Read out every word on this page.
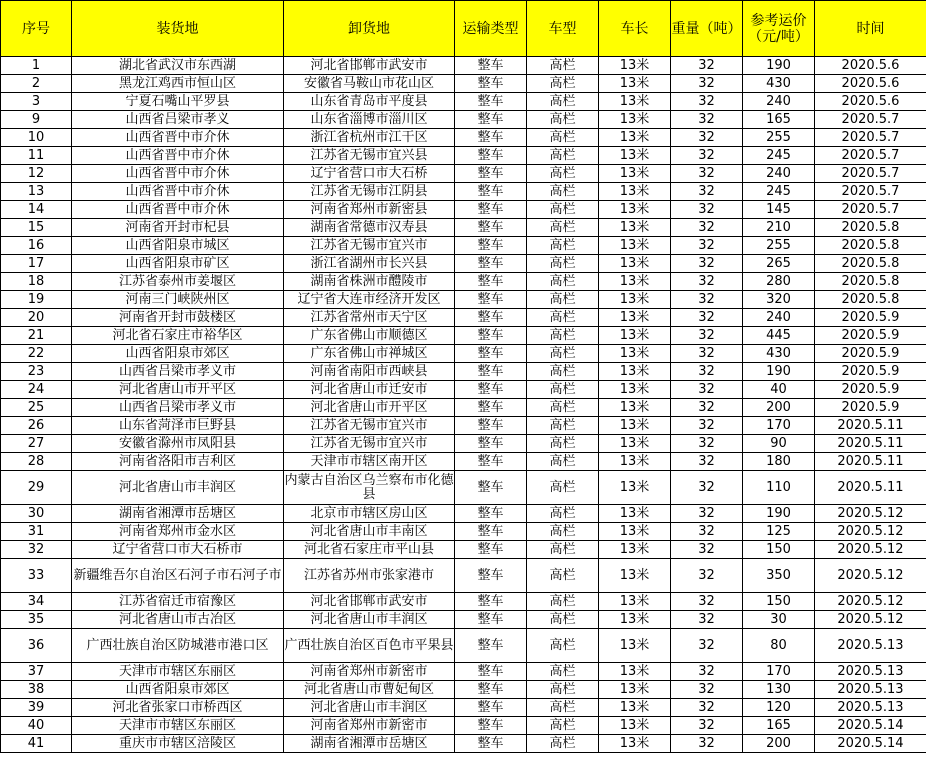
序号	装货地	卸货地	运输类型	车型	车长	重量（吨）	参考运价（元/吨）	时间
1	湖北省武汉市东西湖	河北省邯郸市武安市	整车	高栏	13米	32	190	2020.5.6
2	黑龙江鸡西市恒山区	安徽省马鞍山市花山区	整车	高栏	13米	32	430	2020.5.6
3	宁夏石嘴山平罗县	山东省青岛市平度县	整车	高栏	13米	32	240	2020.5.6
9	山西省吕梁市孝义	山东省淄博市淄川区	整车	高栏	13米	32	165	2020.5.7
10	山西省晋中市介休	浙江省杭州市江干区	整车	高栏	13米	32	255	2020.5.7
11	山西省晋中市介休	江苏省无锡市宜兴县	整车	高栏	13米	32	245	2020.5.7
12	山西省晋中市介休	辽宁省营口市大石桥	整车	高栏	13米	32	240	2020.5.7
13	山西省晋中市介休	江苏省无锡市江阴县	整车	高栏	13米	32	245	2020.5.7
14	山西省晋中市介休	河南省郑州市新密县	整车	高栏	13米	32	145	2020.5.7
15	河南省开封市杞县	湖南省常德市汉寿县	整车	高栏	13米	32	210	2020.5.8
16	山西省阳泉市城区	江苏省无锡市宜兴市	整车	高栏	13米	32	255	2020.5.8
17	山西省阳泉市矿区	浙江省湖州市长兴县	整车	高栏	13米	32	265	2020.5.8
18	江苏省泰州市姜堰区	湖南省株洲市醴陵市	整车	高栏	13米	32	280	2020.5.8
19	河南三门峡陕州区	辽宁省大连市经济开发区	整车	高栏	13米	32	320	2020.5.8
20	河南省开封市鼓楼区	江苏省常州市天宁区	整车	高栏	13米	32	240	2020.5.9
21	河北省石家庄市裕华区	广东省佛山市顺德区	整车	高栏	13米	32	445	2020.5.9
22	山西省阳泉市郊区	广东省佛山市禅城区	整车	高栏	13米	32	430	2020.5.9
23	山西省吕梁市孝义市	河南省南阳市西峡县	整车	高栏	13米	32	190	2020.5.9
24	河北省唐山市开平区	河北省唐山市迁安市	整车	高栏	13米	32	40	2020.5.9
25	山西省吕梁市孝义市	河北省唐山市开平区	整车	高栏	13米	32	200	2020.5.9
26	山东省菏泽市巨野县	江苏省无锡市宜兴市	整车	高栏	13米	32	170	2020.5.11
27	安徽省滁州市凤阳县	江苏省无锡市宜兴市	整车	高栏	13米	32	90	2020.5.11
28	河南省洛阳市吉利区	天津市市辖区南开区	整车	高栏	13米	32	180	2020.5.11
29	河北省唐山市丰润区	内蒙古自治区乌兰察布市化德县	整车	高栏	13米	32	110	2020.5.11
30	湖南省湘潭市岳塘区	北京市市辖区房山区	整车	高栏	13米	32	190	2020.5.12
31	河南省郑州市金水区	河北省唐山市丰南区	整车	高栏	13米	32	125	2020.5.12
32	辽宁省营口市大石桥市	河北省石家庄市平山县	整车	高栏	13米	32	150	2020.5.12
33	新疆维吾尔自治区石河子市石河子市	江苏省苏州市张家港市	整车	高栏	13米	32	350	2020.5.12
34	江苏省宿迁市宿豫区	河北省邯郸市武安市	整车	高栏	13米	32	150	2020.5.12
35	河北省唐山市古冶区	河北省唐山市丰润区	整车	高栏	13米	32	30	2020.5.12
36	广西壮族自治区防城港市港口区	广西壮族自治区百色市平果县	整车	高栏	13米	32	80	2020.5.13
37	天津市市辖区东丽区	河南省郑州市新密市	整车	高栏	13米	32	170	2020.5.13
38	山西省阳泉市郊区	河北省唐山市曹妃甸区	整车	高栏	13米	32	130	2020.5.13
39	河北省张家口市桥西区	河北省唐山市丰润区	整车	高栏	13米	32	120	2020.5.13
40	天津市市辖区东丽区	河南省郑州市新密市	整车	高栏	13米	32	165	2020.5.14
41	重庆市市辖区涪陵区	湖南省湘潭市岳塘区	整车	高栏	13米	32	200	2020.5.14
